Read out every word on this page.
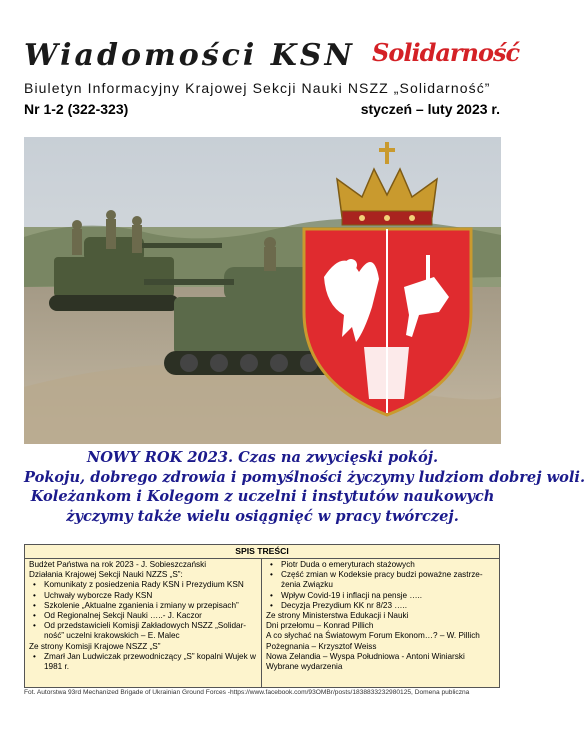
Wiadomości KSN Solidarność
Biuletyn Informacyjny Krajowej Sekcji Nauki NSZZ „Solidarność”
Nr 1-2 (322-323)	styczeń – luty 2023 r.
NOWY ROK 2023. Czas na zwycięski pokój.
Pokoju, dobrego zdrowia i pomyślności życzymy ludziom dobrej woli.
Koleżankom i Kolegom z uczelni i instytutów naukowych
życzymy także wielu osiągnięć w pracy twórczej.
SPIS TREŚCI
Budżet Państwa na rok 2023 - J. Sobieszczański
Działania Krajowej Sekcji Nauki NZZS „S”:
• Komunikaty z posiedzenia Rady KSN i Prezydium KSN
• Uchwały wyborcze Rady KSN
• Szkolenie „Aktualne zganienia i zmiany w przepisach”
• Od Regionalnej Sekcji Nauki …..- J. Kaczor
• Od przedstawicieli Komisji Zakładowych NSZZ „Solidar-ność” uczelni krakowskich – E. Malec
Ze strony Komisji Krajowe NSZZ „S”
• Zmarł Jan Ludwiczak przewodniczący „S” kopalni Wujek w 1981 r.
• Piotr Duda o emeryturach stażowych
• Część zmian w Kodeksie pracy budzi poważne zastrze-żenia Związku
• Wpływ Covid-19 i inflacji na pensje …..
• Decyzja Prezydium KK nr 8/23 …..
Ze strony Ministerstwa Edukacji i Nauki
Dni przełomu – Konrad Pillich
A co słychać na Światowym Forum Ekonom…? – W. Pillich
Pożegnania – Krzysztof Weiss
Nowa Zelandia – Wyspa Południowa - Antoni Winiarski
Wybrane wydarzenia
Fot. Autorstwa 93rd Mechanized Brigade of Ukrainian Ground Forces -https://www.facebook.com/93OMBr/posts/1838833232980125, Domena publiczna
